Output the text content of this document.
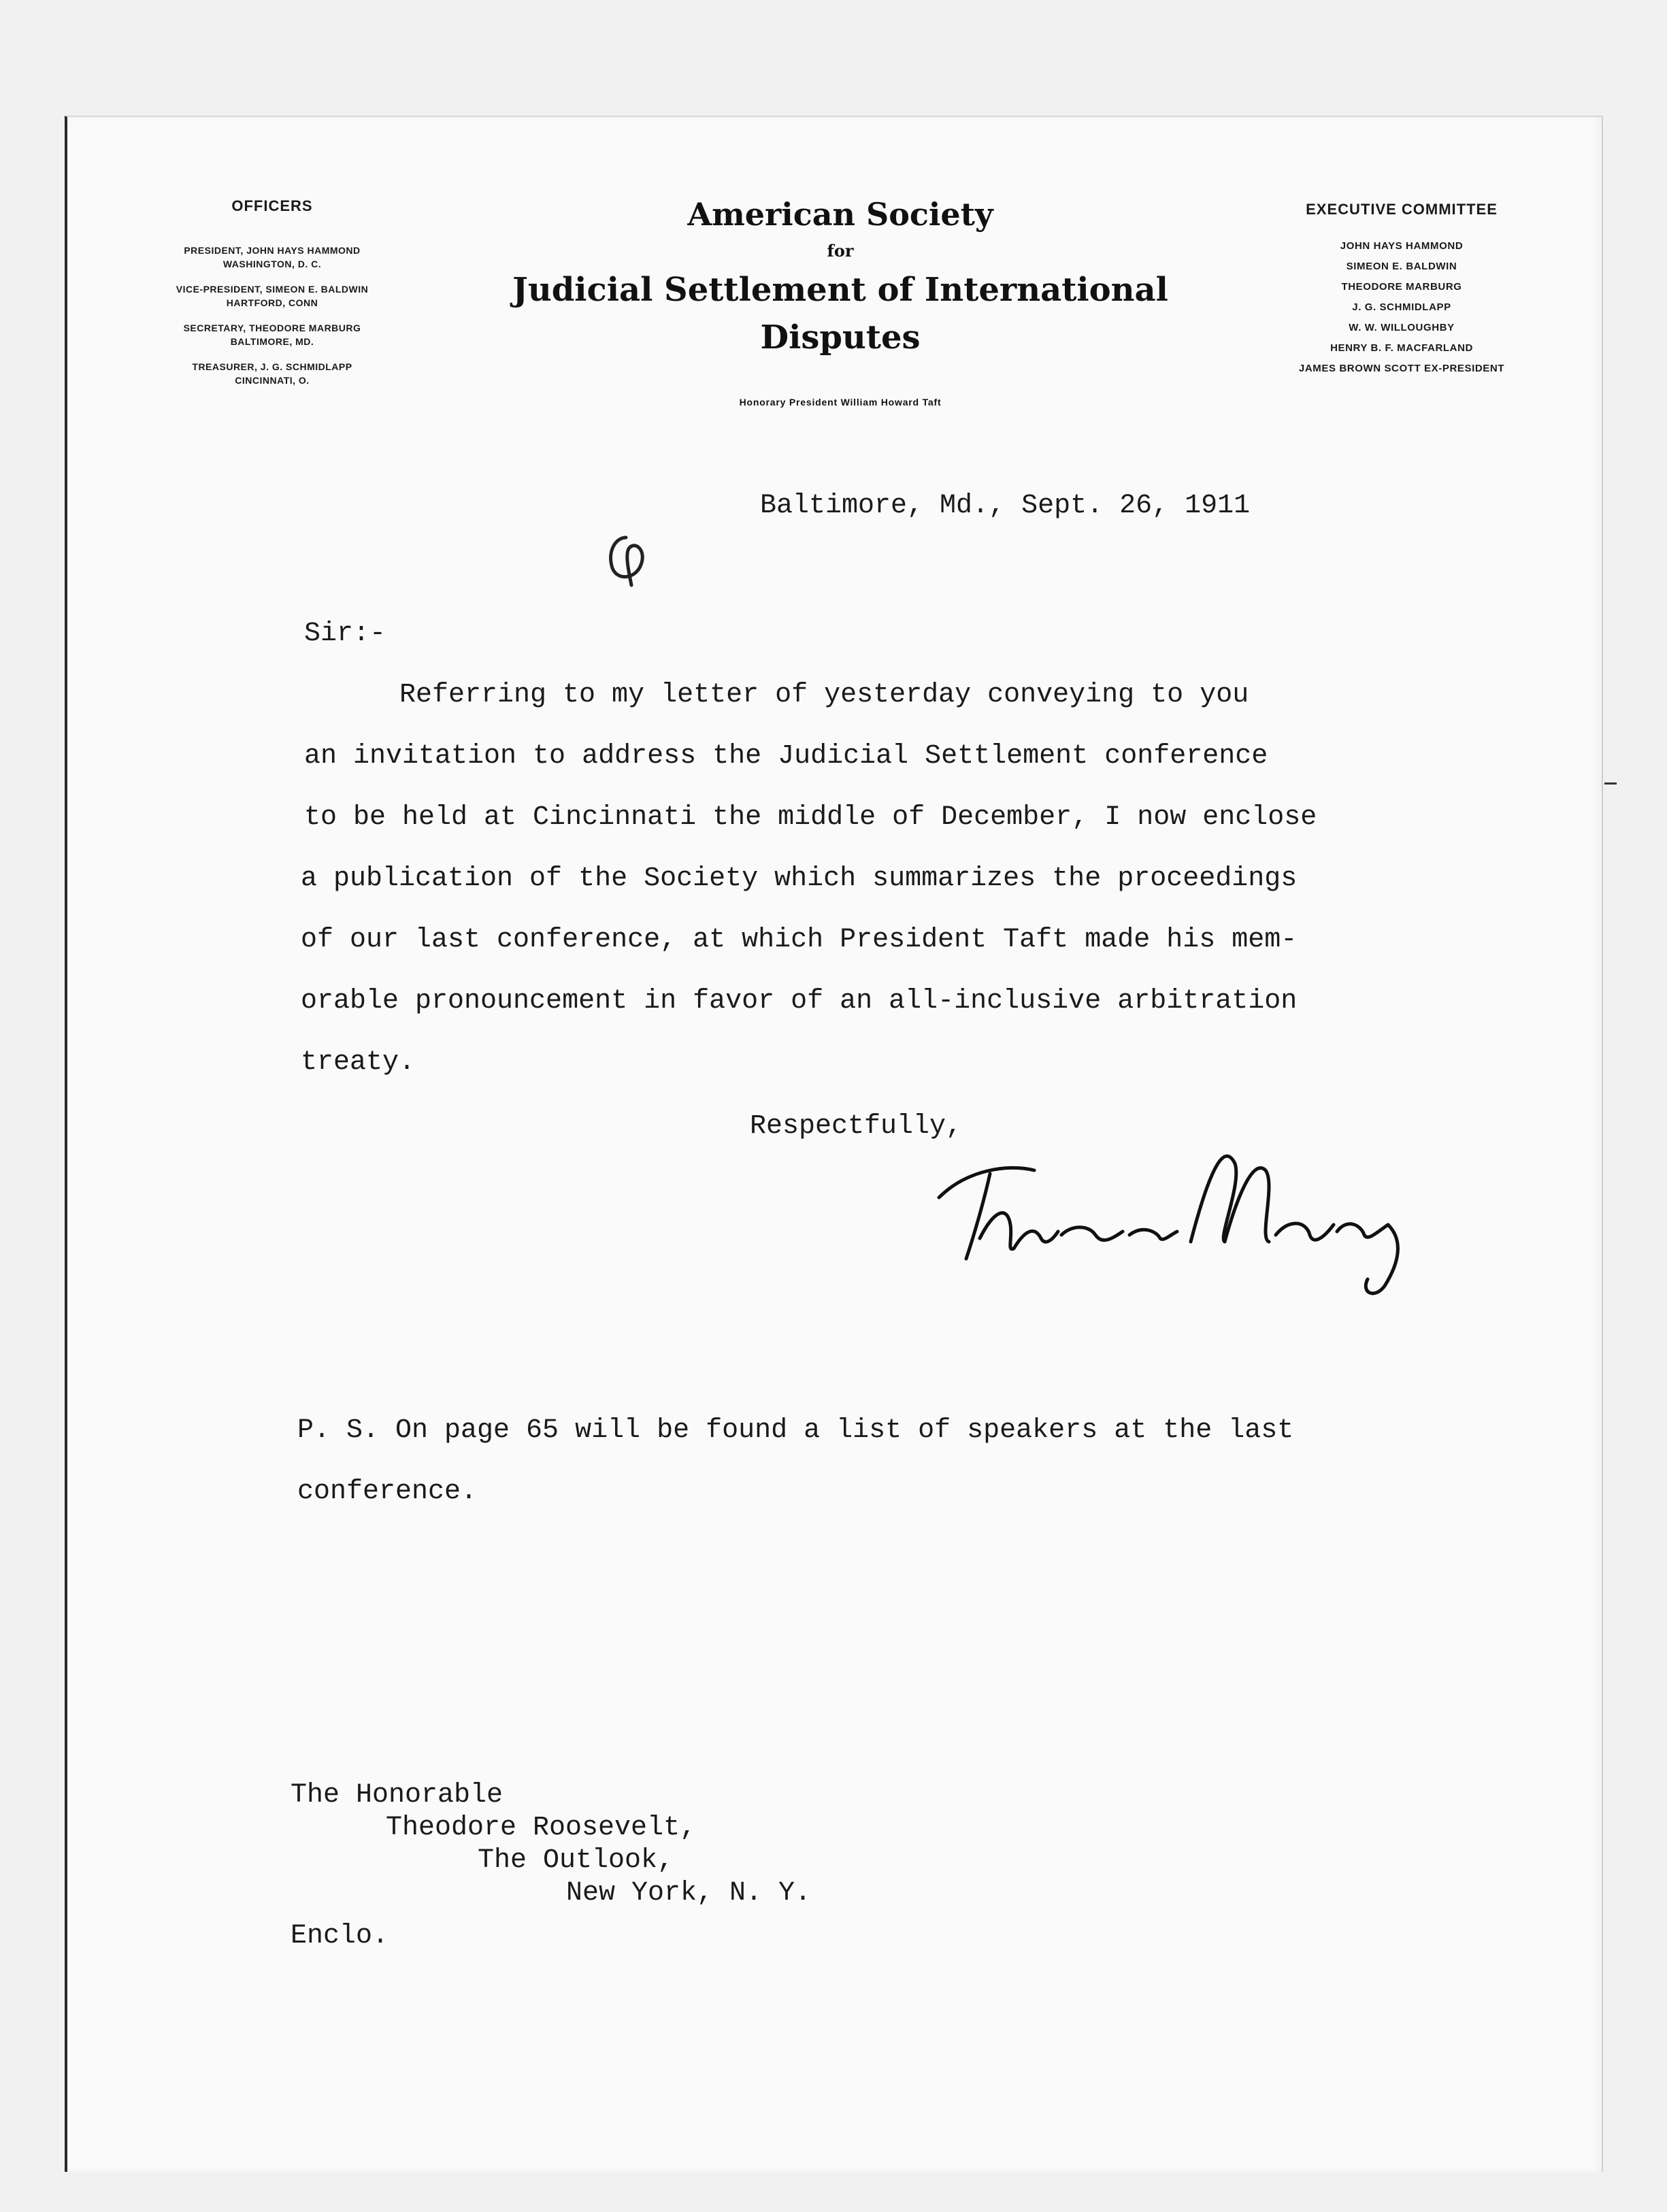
OFFICERS
PRESIDENT, JOHN HAYS HAMMOND
WASHINGTON, D. C.
VICE-PRESIDENT, SIMEON E. BALDWIN
HARTFORD, CONN
SECRETARY, THEODORE MARBURG
BALTIMORE, MD.
TREASURER, J. G. SCHMIDLAPP
CINCINNATI, O.
American Society
for
Judicial Settlement of International Disputes
Honorary President William Howard Taft
EXECUTIVE COMMITTEE
JOHN HAYS HAMMOND
SIMEON E. BALDWIN
THEODORE MARBURG
J. G. SCHMIDLAPP
W. W. WILLOUGHBY
HENRY B. F. MACFARLAND
JAMES BROWN SCOTT EX-PRESIDENT
Baltimore, Md., Sept. 26, 1911
Sir:-
Referring to my letter of yesterday conveying to you
an invitation to address the Judicial Settlement conference
to be held at Cincinnati the middle of December, I now enclose
a publication of the Society which summarizes the proceedings
of our last conference, at which President Taft made his mem-
orable pronouncement in favor of an all-inclusive arbitration
treaty.
Respectfully,
Theodore Marburg
P. S. On page 65 will be found a list of speakers at the last
conference.
The Honorable
Theodore Roosevelt,
The Outlook,
New York, N. Y.
Enclo.
